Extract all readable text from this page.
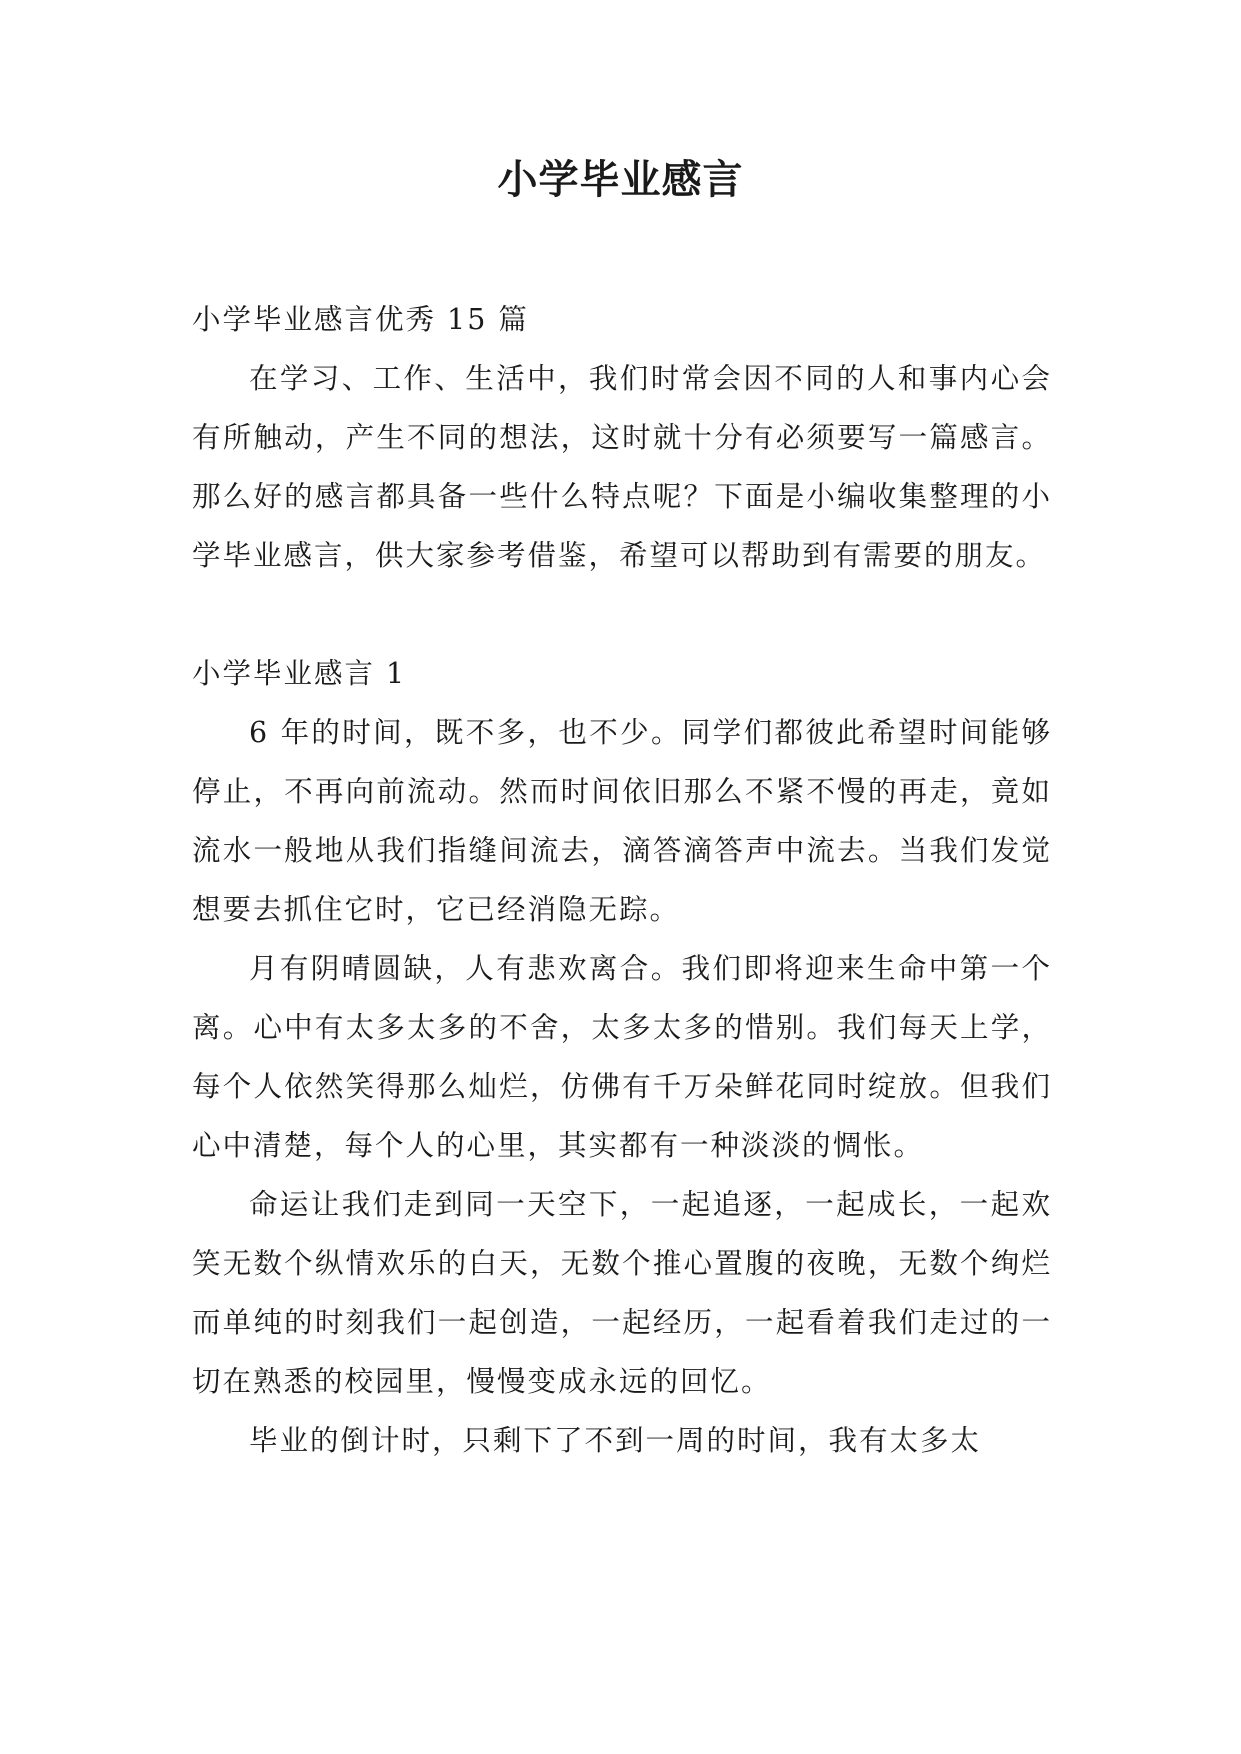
小学毕业感言

小学毕业感言优秀 15 篇

在学习、工作、生活中，我们时常会因不同的人和事内心会有所触动，产生不同的想法，这时就十分有必须要写一篇感言。那么好的感言都具备一些什么特点呢？下面是小编收集整理的小学毕业感言，供大家参考借鉴，希望可以帮助到有需要的朋友。

小学毕业感言 1

6 年的时间，既不多，也不少。同学们都彼此希望时间能够停止，不再向前流动。然而时间依旧那么不紧不慢的再走，竟如流水一般地从我们指缝间流去，滴答滴答声中流去。当我们发觉想要去抓住它时，它已经消隐无踪。

月有阴晴圆缺，人有悲欢离合。我们即将迎来生命中第一个离。心中有太多太多的不舍，太多太多的惜别。我们每天上学，每个人依然笑得那么灿烂，仿佛有千万朵鲜花同时绽放。但我们心中清楚，每个人的心里，其实都有一种淡淡的惆怅。

命运让我们走到同一天空下，一起追逐，一起成长，一起欢笑无数个纵情欢乐的白天，无数个推心置腹的夜晚，无数个绚烂而单纯的时刻我们一起创造，一起经历，一起看着我们走过的一切在熟悉的校园里，慢慢变成永远的回忆。

毕业的倒计时，只剩下了不到一周的时间，我有太多太
